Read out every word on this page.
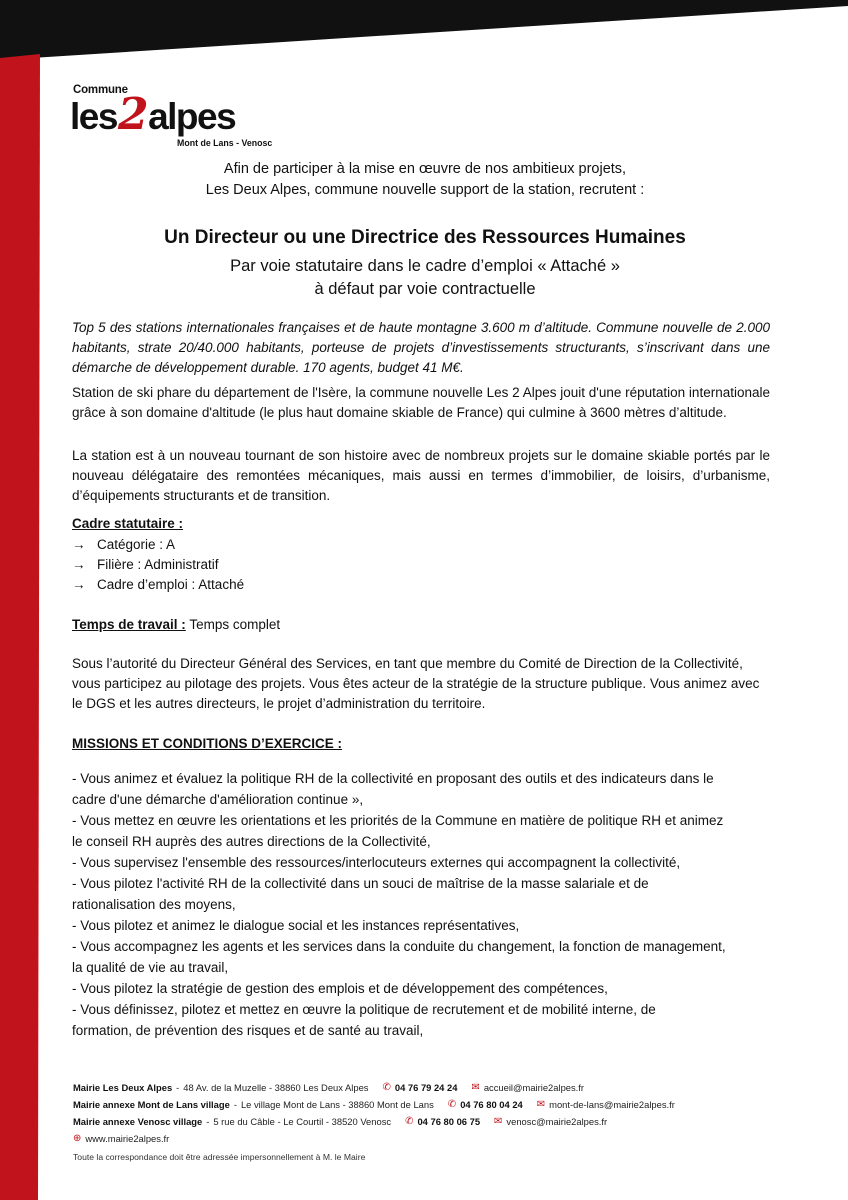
Commune
les2alpes
Mont de Lans - Venosc
Afin de participer à la mise en œuvre de nos ambitieux projets,
Les Deux Alpes, commune nouvelle support de la station, recrutent :
Un Directeur ou une Directrice des Ressources Humaines
Par voie statutaire dans le cadre d’emploi « Attaché »
à défaut par voie contractuelle

Top 5 des stations internationales françaises et de haute montagne 3.600 m d’altitude. Commune nouvelle de 2.000 habitants, strate 20/40.000 habitants, porteuse de projets d’investissements structurants, s’inscrivant dans une démarche de développement durable. 170 agents, budget 41 M€.

Station de ski phare du département de l'Isère, la commune nouvelle Les 2 Alpes jouit d'une réputation internationale grâce à son domaine d'altitude (le plus haut domaine skiable de France) qui culmine à 3600 mètres d’altitude.

La station est à un nouveau tournant de son histoire avec de nombreux projets sur le domaine skiable portés par le nouveau délégataire des remontées mécaniques, mais aussi en termes d’immobilier, de loisirs, d’urbanisme, d’équipements structurants et de transition.

Cadre statutaire :
→ Catégorie : A
→ Filière : Administratif
→ Cadre d’emploi : Attaché
Temps de travail : Temps complet

Sous l’autorité du Directeur Général des Services, en tant que membre du Comité de Direction de la Collectivité, vous participez au pilotage des projets. Vous êtes acteur de la stratégie de la structure publique. Vous animez avec le DGS et les autres directeurs, le projet d’administration du territoire.

MISSIONS ET CONDITIONS D’EXERCICE :
- Vous animez et évaluez la politique RH de la collectivité en proposant des outils et des indicateurs dans le
cadre d'une démarche d'amélioration continue »,
- Vous mettez en œuvre les orientations et les priorités de la Commune en matière de politique RH et animez
le conseil RH auprès des autres directions de la Collectivité,
- Vous supervisez l'ensemble des ressources/interlocuteurs externes qui accompagnent la collectivité,
- Vous pilotez l'activité RH de la collectivité dans un souci de maîtrise de la masse salariale et de
rationalisation des moyens,
- Vous pilotez et animez le dialogue social et les instances représentatives,
- Vous accompagnez les agents et les services dans la conduite du changement, la fonction de management,
la qualité de vie au travail,
- Vous pilotez la stratégie de gestion des emplois et de développement des compétences,
- Vous définissez, pilotez et mettez en œuvre la politique de recrutement et de mobilité interne, de
formation, de prévention des risques et de santé au travail,
Mairie Les Deux Alpes - 48 Av. de la Muzelle - 38860 Les Deux Alpes ✆ 04 76 79 24 24 ✉ accueil@mairie2alpes.fr
Mairie annexe Mont de Lans village - Le village Mont de Lans - 38860 Mont de Lans ✆ 04 76 80 04 24 ✉ mont-de-lans@mairie2alpes.fr
Mairie annexe Venosc village - 5 rue du Câble - Le Courtil - 38520 Venosc ✆ 04 76 80 06 75 ✉ venosc@mairie2alpes.fr
⊕ www.mairie2alpes.fr
Toute la correspondance doit être adressée impersonnellement à M. le Maire
